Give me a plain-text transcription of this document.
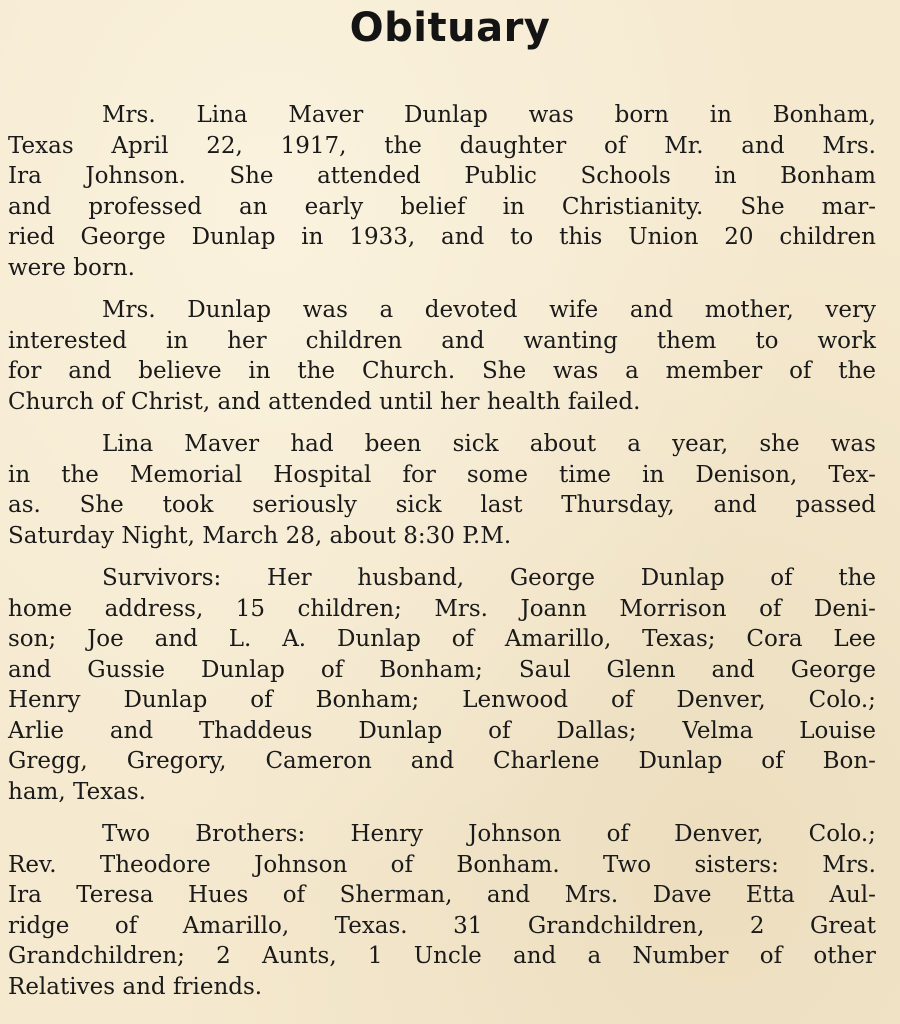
Obituary
Mrs. Lina Maver Dunlap was born in Bonham,
Texas April 22, 1917, the daughter of Mr. and Mrs.
Ira Johnson. She attended Public Schools in Bonham
and professed an early belief in Christianity. She mar-
ried George Dunlap in 1933, and to this Union 20 children
were born.
Mrs. Dunlap was a devoted wife and mother, very
interested in her children and wanting them to work
for and believe in the Church. She was a member of the
Church of Christ, and attended until her health failed.
Lina Maver had been sick about a year, she was
in the Memorial Hospital for some time in Denison, Tex-
as. She took seriously sick last Thursday, and passed
Saturday Night, March 28, about 8:30 P.M.
Survivors: Her husband, George Dunlap of the
home address, 15 children; Mrs. Joann Morrison of Deni-
son; Joe and L. A. Dunlap of Amarillo, Texas; Cora Lee
and Gussie Dunlap of Bonham; Saul Glenn and George
Henry Dunlap of Bonham; Lenwood of Denver, Colo.;
Arlie and Thaddeus Dunlap of Dallas; Velma Louise
Gregg, Gregory, Cameron and Charlene Dunlap of Bon-
ham, Texas.
Two Brothers: Henry Johnson of Denver, Colo.;
Rev. Theodore Johnson of Bonham. Two sisters: Mrs.
Ira Teresa Hues of Sherman, and Mrs. Dave Etta Aul-
ridge of Amarillo, Texas. 31 Grandchildren, 2 Great
Grandchildren; 2 Aunts, 1 Uncle and a Number of other
Relatives and friends.
